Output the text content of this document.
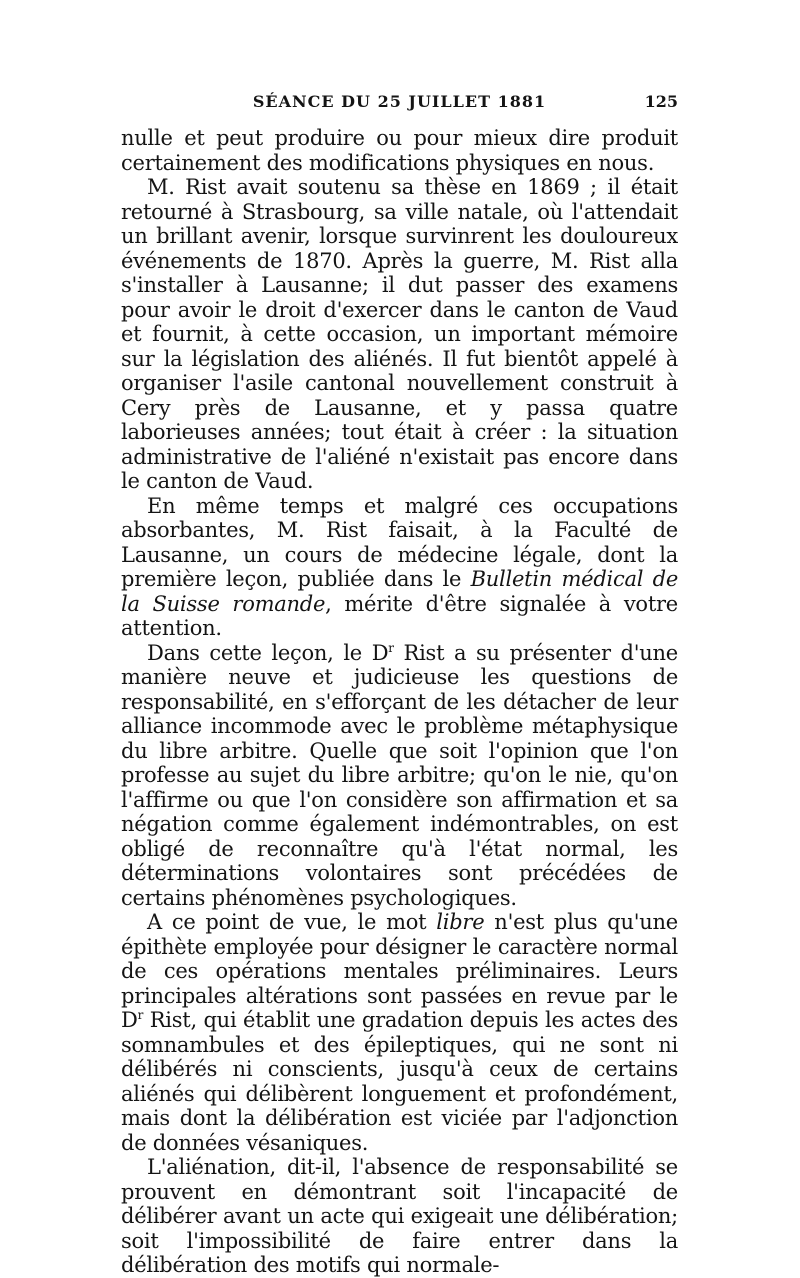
SÉANCE DU 25 JUILLET 1881	125

nulle et peut produire ou pour mieux dire produit certainement des modifications physiques en nous.

M. Rist avait soutenu sa thèse en 1869 ; il était retourné à Strasbourg, sa ville natale, où l'attendait un brillant avenir, lorsque survinrent les douloureux événements de 1870. Après la guerre, M. Rist alla s'installer à Lausanne; il dut passer des examens pour avoir le droit d'exercer dans le canton de Vaud et fournit, à cette occasion, un important mémoire sur la législation des aliénés. Il fut bientôt appelé à organiser l'asile cantonal nouvellement construit à Cery près de Lausanne, et y passa quatre laborieuses années; tout était à créer : la situation administrative de l'aliéné n'existait pas encore dans le canton de Vaud.

En même temps et malgré ces occupations absorbantes, M. Rist faisait, à la Faculté de Lausanne, un cours de médecine légale, dont la première leçon, publiée dans le Bulletin médical de la Suisse romande, mérite d'être signalée à votre attention.

Dans cette leçon, le $D^r$ Rist a su présenter d'une manière neuve et judicieuse les questions de responsabilité, en s'efforçant de les détacher de leur alliance incommode avec le problème métaphysique du libre arbitre. Quelle que soit l'opinion que l'on professe au sujet du libre arbitre; qu'on le nie, qu'on l'affirme ou que l'on considère son affirmation et sa négation comme également indémontrables, on est obligé de reconnaître qu'à l'état normal, les déterminations volontaires sont précédées de certains phénomènes psychologiques.

A ce point de vue, le mot libre n'est plus qu'une épithète employée pour désigner le caractère normal de ces opérations mentales préliminaires. Leurs principales altérations sont passées en revue par le $D^r$ Rist, qui établit une gradation depuis les actes des somnambules et des épileptiques, qui ne sont ni délibérés ni conscients, jusqu'à ceux de certains aliénés qui délibèrent longuement et profondément, mais dont la délibération est viciée par l'adjonction de données vésaniques.

L'aliénation, dit-il, l'absence de responsabilité se prouvent en démontrant soit l'incapacité de délibérer avant un acte qui exigeait une délibération; soit l'impossibilité de faire entrer dans la délibération des motifs qui normale-
